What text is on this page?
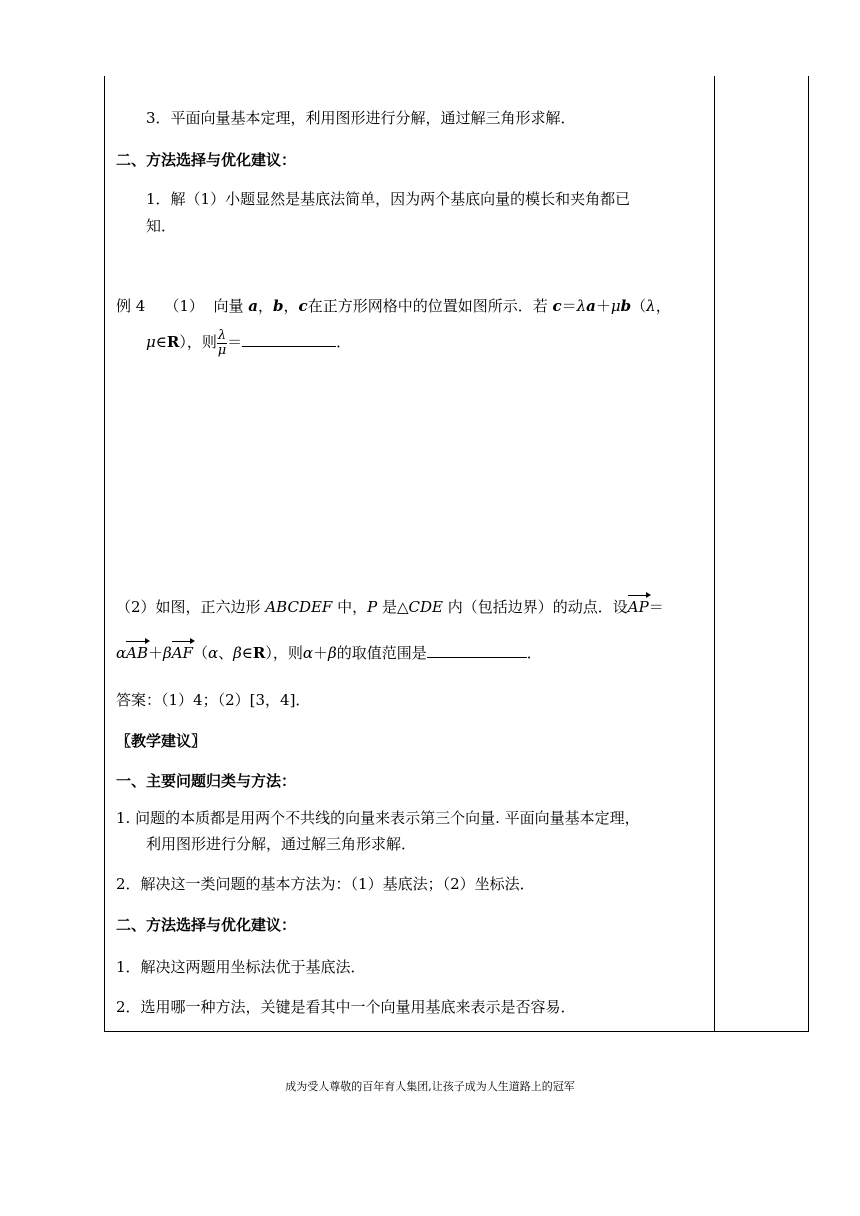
3．平面向量基本定理，利用图形进行分解，通过解三角形求解．
二、方法选择与优化建议：
1．解（1）小题显然是基底法简单，因为两个基底向量的模长和夹角都已
知．
例 4 （1） 向量 a，b，c在正方形网格中的位置如图所示．若 c＝λa＋μb（λ，
μ∈R），则 $\frac{\lambda}{\mu}$ ＝	．
（2）如图，正六边形 ABCDEF 中，P 是△CDE 内（包括边界）的动点．设AP＝
αAB＋βAF（α、β∈R），则α＋β的取值范围是	．
答案：（1）4；（2）[3，4]．
〖教学建议〗
一、主要问题归类与方法：
1. 问题的本质都是用两个不共线的向量来表示第三个向量. 平面向量基本定理，
利用图形进行分解，通过解三角形求解．
2．解决这一类问题的基本方法为：（1）基底法；（2）坐标法．
二、方法选择与优化建议：
1．解决这两题用坐标法优于基底法．
2．选用哪一种方法，关键是看其中一个向量用基底来表示是否容易．
成为受人尊敬的百年育人集团,让孩子成为人生道路上的冠军
